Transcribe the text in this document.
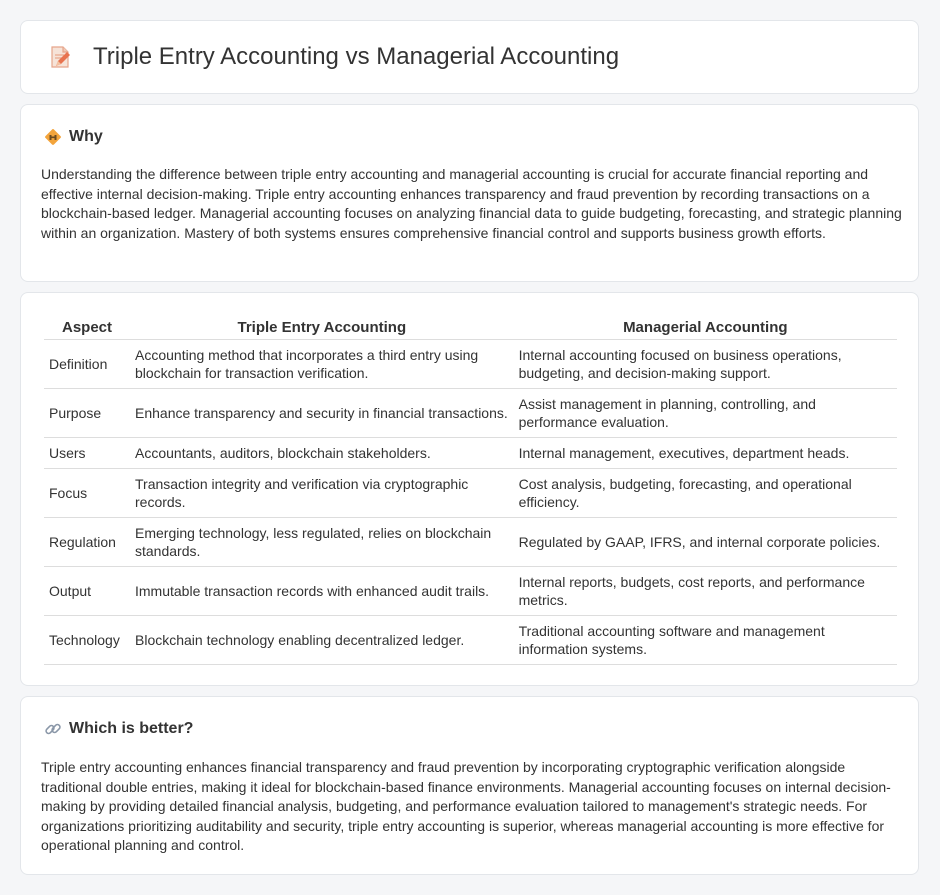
Triple Entry Accounting vs Managerial Accounting
Why

Understanding the difference between triple entry accounting and managerial accounting is crucial for accurate financial reporting and effective internal decision-making. Triple entry accounting enhances transparency and fraud prevention by recording transactions on a blockchain-based ledger. Managerial accounting focuses on analyzing financial data to guide budgeting, forecasting, and strategic planning within an organization. Mastery of both systems ensures comprehensive financial control and supports business growth efforts.

Aspect	Triple Entry Accounting	Managerial Accounting
Definition	Accounting method that incorporates a third entry using blockchain for transaction verification.	Internal accounting focused on business operations, budgeting, and decision-making support.
Purpose	Enhance transparency and security in financial transactions.	Assist management in planning, controlling, and performance evaluation.
Users	Accountants, auditors, blockchain stakeholders.	Internal management, executives, department heads.
Focus	Transaction integrity and verification via cryptographic records.	Cost analysis, budgeting, forecasting, and operational efficiency.
Regulation	Emerging technology, less regulated, relies on blockchain standards.	Regulated by GAAP, IFRS, and internal corporate policies.
Output	Immutable transaction records with enhanced audit trails.	Internal reports, budgets, cost reports, and performance metrics.
Technology	Blockchain technology enabling decentralized ledger.	Traditional accounting software and management information systems.
Which is better?

Triple entry accounting enhances financial transparency and fraud prevention by incorporating cryptographic verification alongside traditional double entries, making it ideal for blockchain-based finance environments. Managerial accounting focuses on internal decision-making by providing detailed financial analysis, budgeting, and performance evaluation tailored to management's strategic needs. For organizations prioritizing auditability and security, triple entry accounting is superior, whereas managerial accounting is more effective for operational planning and control.
